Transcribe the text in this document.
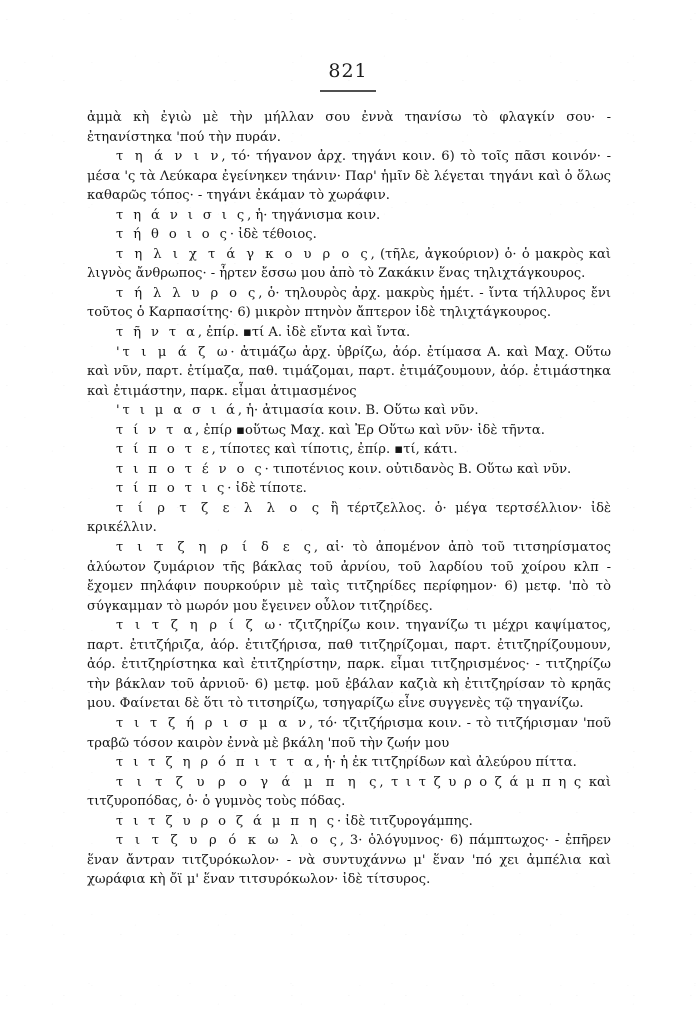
821

ἀμμὰ κὴ ἐγιὼ μὲ τὴν μήλλαν σου ἐννὰ τηανίσω τὸ φλαγκίν σου· - ἐτηανίστηκα 'πού τὴν πυράν.

τ η ά ν ι ν, τό· τήγανον ἀρχ. τηγάνι κοιν. 6) τὸ τοῖς πᾶσι κοινόν· - μέσα 'ς τὰ Λεύκαρα ἐγείνηκεν τηάνιν· Παρ' ἡμῖν δὲ λέγεται τηγάνι καὶ ὁ ὅλως καθαρῶς τόπος· - τηγάνι ἐκάμαν τὸ χωράφιν.

τ η ά ν ι σ ι ς, ἡ· τηγάνισμα κοιν.

τ ή θ ο ι ο ς· ἰδὲ τέθοιος.

τ η λ ι χ τ ά γ κ ο υ ρ ο ς, (τῆλε, ἀγκούριον) ὁ· ὁ μακρὸς καὶ λιγνὸς ἄνθρωπος· - ἦρτεν ἔσσω μου ἀπὸ τὸ Ζακάκιν ἕνας τηλιχτάγκουρος.

τ ή λ λ υ ρ ο ς, ὁ· τηλουρὸς ἀρχ. μακρὺς ἡμέτ. - ἴντα τήλλυρος ἔνι τοῦτος ὁ Καρπασίτης· 6) μικρὸν πτηνὸν ἄπτερον ἰδὲ τηλιχτάγκουρος.

τ ῆ ν τ α, ἐπίρ. ▪τί Α. ἰδὲ εἴντα καὶ ἴντα.

'τ ι μ ά ζ ω· ἀτιμάζω ἀρχ. ὑβρίζω, ἀόρ. ἐτίμασα Α. καὶ Μαχ. Οὕτω καὶ νῦν, παρτ. ἐτίμαζα, παθ. τιμάζομαι, παρτ. ἐτιμάζουμουν, ἀόρ. ἐτιμάστηκα καὶ ἐτιμάστην, παρκ. εἶμαι ἀτιμασμένος

'τ ι μ α σ ι ά, ἡ· ἀτιμασία κοιν. Β. Οὕτω καὶ νῦν.

τ ί ν τ α, ἐπίρ ▪οὕτως Μαχ. καὶ Ἐρ Οὕτω καὶ νῦν· ἰδὲ τῆντα.

τ ί π ο τ ε, τίποτες καὶ τίποτις, ἐπίρ. ▪τί, κάτι.

τ ι π ο τ έ ν ο ς· τιποτένιος κοιν. οὐτιδανὸς Β. Οὕτω καὶ νῦν.

τ ί π ο τ ι ς· ἰδὲ τίποτε.

τ ί ρ τ ζ ε λ λ ο ς ἢ τέρτζελλος. ὁ· μέγα τερτσέλλιον· ἰδὲ κρικέλλιν.

τ ι τ ζ η ρ ί δ ε ς, αἱ· τὸ ἀπομένον ἀπὸ τοῦ τιτσηρίσματος ἀλύωτον ζυμάριον τῆς βάκλας τοῦ ἀρνίου, τοῦ λαρδίου τοῦ χοίρου κλπ - ἔχομεν πηλάφιν πουρκούριν μὲ ταὶς τιτζηρίδες περίφημον· 6) μετφ. 'πὸ τὸ σύγκαμμαν τὸ μωρόν μου ἔγεινεν οὖλον τιτζηρίδες.

τ ι τ ζ η ρ ί ζ ω· τζιτζηρίζω κοιν. τηγανίζω τι μέχρι καψίματος, παρτ. ἐτιτζήριζα, ἀόρ. ἐτιτζήρισα, παθ τιτζηρίζομαι, παρτ. ἐτιτζηρίζουμουν, ἀόρ. ἐτιτζηρίστηκα καὶ ἐτιτζηρίστην, παρκ. εἶμαι τιτζηρισμένος· - τιτζηρίζω τὴν βάκλαν τοῦ ἀρνιοῦ· 6) μετφ. μοῦ ἐβάλαν καζιὰ κὴ ἐτιτζηρίσαν τὸ κρηᾶς μου. Φαίνεται δὲ ὅτι τὸ τιτσηρίζω, τσηγαρίζω εἶνε συγγενὲς τῷ τηγανίζω.

τ ι τ ζ ή ρ ι σ μ α ν, τό· τζιτζήρισμα κοιν. - τὸ τιτζήρισμαν 'ποῦ τραβῶ τόσον καιρὸν ἐννὰ μὲ βκάλη 'ποῦ τὴν ζωήν μου

τ ι τ ζ η ρ ό π ι τ τ α, ἡ· ἡ ἐκ τιτζηρίδων καὶ ἀλεύρου πίττα.

τ ι τ ζ υ ρ ο γ ά μ π η ς, τ ι τ ζ υ ρ ο ζ ά μ π η ς καὶ τιτζυροπόδας, ὁ· ὁ γυμνὸς τοὺς πόδας.

τ ι τ ζ υ ρ ο ζ ά μ π η ς· ἰδὲ τιτζυρογάμπης.

τ ι τ ζ υ ρ ό κ ω λ ο ς, 3· ὁλόγυμνος· 6) πάμπτωχος· - ἐπῆρεν ἕναν ἄντραν τιτζυρόκωλον· - νὰ συντυχάννω μ' ἕναν 'πό χει ἀμπέλια καὶ χωράφια κὴ ὄϊ μ' ἕναν τιτσυρόκωλον· ἰδὲ τίτσυρος.
